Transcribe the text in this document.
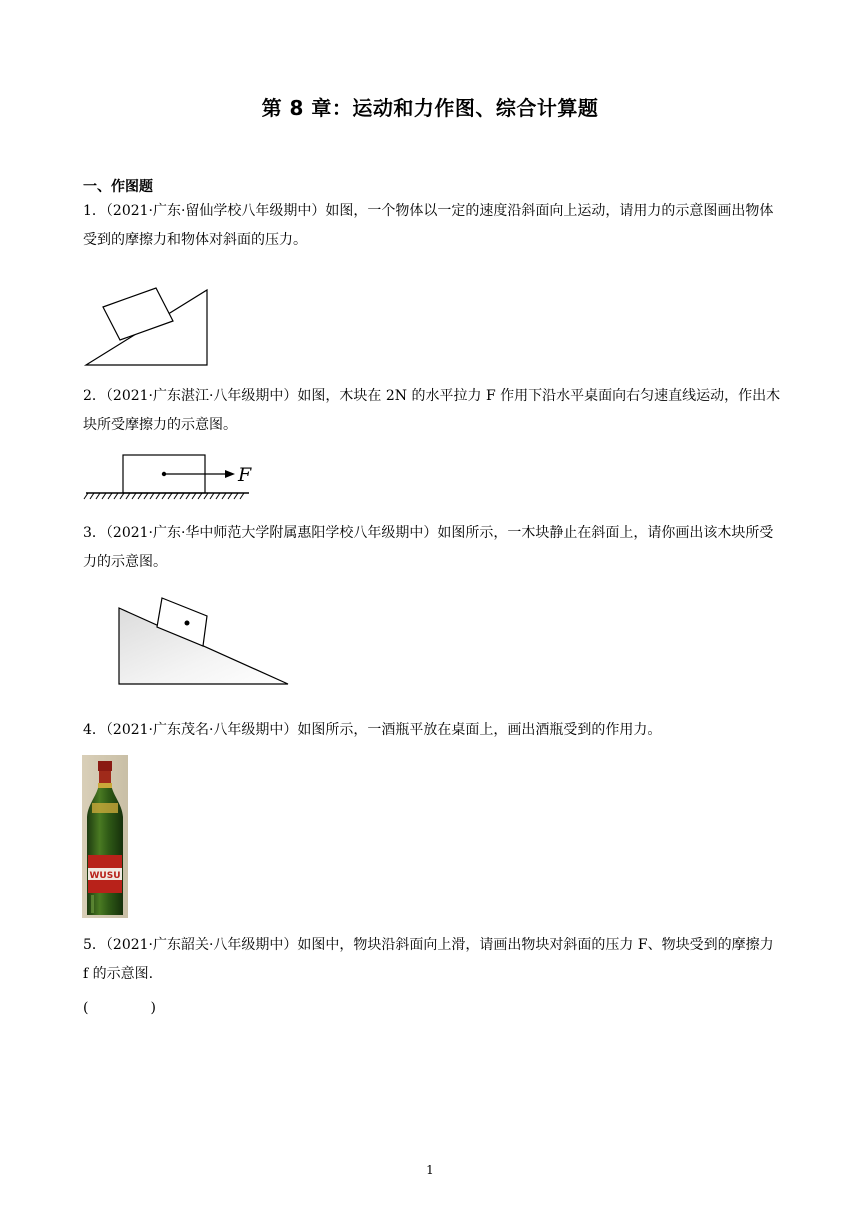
第 8 章：运动和力作图、综合计算题
一、作图题
1．（2021·广东·留仙学校八年级期中）如图，一个物体以一定的速度沿斜面向上运动，请用力的示意图画出物体受到的摩擦力和物体对斜面的压力。
2．（2021·广东湛江·八年级期中）如图，木块在 2N 的水平拉力 F 作用下沿水平桌面向右匀速直线运动，作出木块所受摩擦力的示意图。
F
3．（2021·广东·华中师范大学附属惠阳学校八年级期中）如图所示，一木块静止在斜面上，请你画出该木块所受力的示意图。
4．（2021·广东茂名·八年级期中）如图所示，一酒瓶平放在桌面上，画出酒瓶受到的作用力。
WUSU
5．（2021·广东韶关·八年级期中）如图中，物块沿斜面向上滑，请画出物块对斜面的压力 F、物块受到的摩擦力 f 的示意图.
(	)
1
